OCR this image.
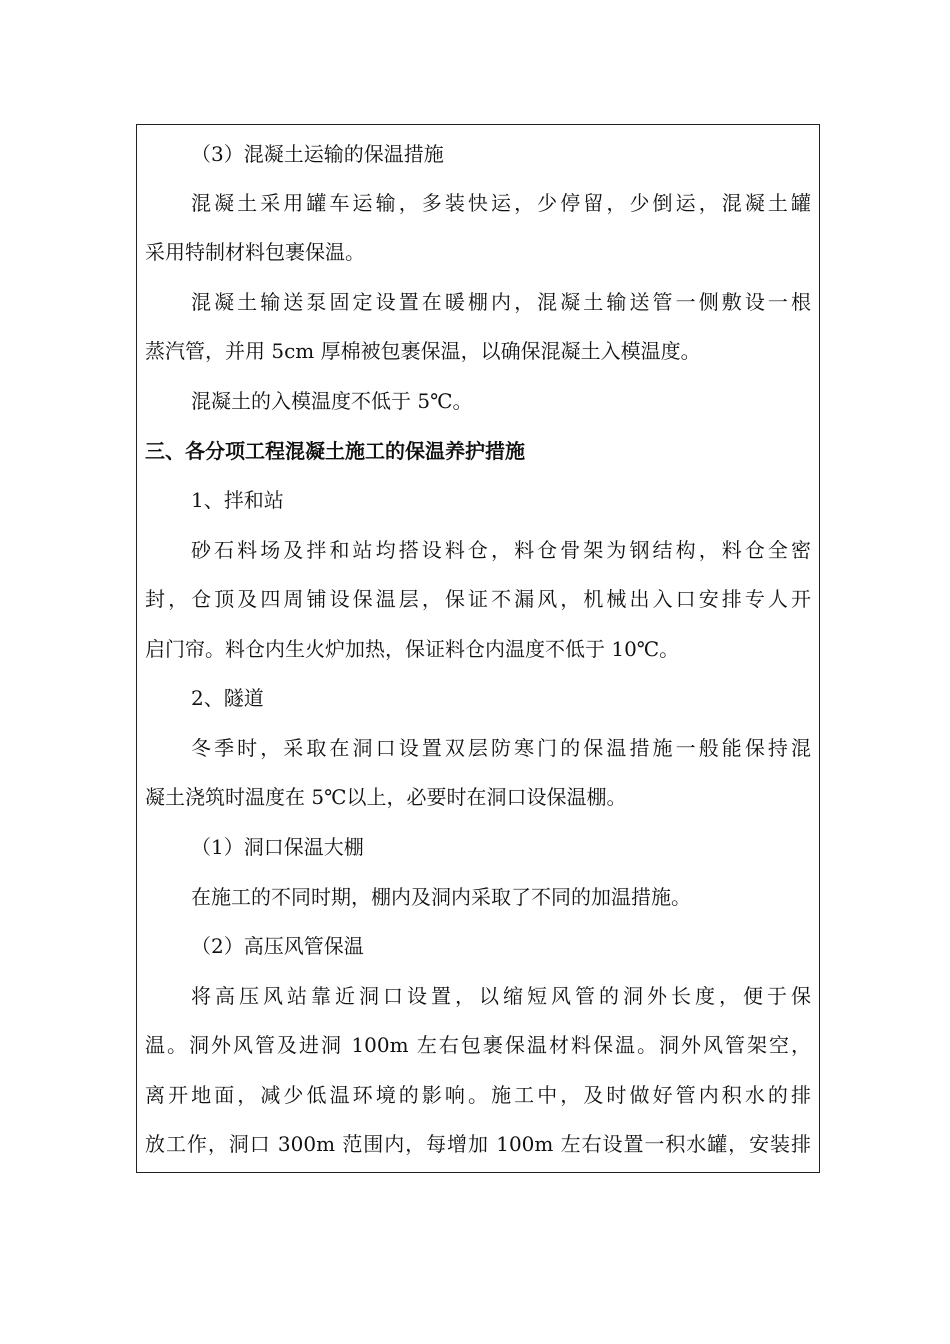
（3）混凝土运输的保温措施
混凝土采用罐车运输，多装快运，少停留，少倒运，混凝土罐
采用特制材料包裹保温。
混凝土输送泵固定设置在暖棚内，混凝土输送管一侧敷设一根
蒸汽管，并用 5cm 厚棉被包裹保温，以确保混凝土入模温度。
混凝土的入模温度不低于 5℃。
三、各分项工程混凝土施工的保温养护措施
1、拌和站
砂石料场及拌和站均搭设料仓，料仓骨架为钢结构，料仓全密
封，仓顶及四周铺设保温层，保证不漏风，机械出入口安排专人开
启门帘。料仓内生火炉加热，保证料仓内温度不低于 10℃。
2、隧道
冬季时，采取在洞口设置双层防寒门的保温措施一般能保持混
凝土浇筑时温度在 5℃以上，必要时在洞口设保温棚。
（1）洞口保温大棚
在施工的不同时期，棚内及洞内采取了不同的加温措施。
（2）高压风管保温
将高压风站靠近洞口设置，以缩短风管的洞外长度，便于保
温。洞外风管及进洞 100m 左右包裹保温材料保温。洞外风管架空，
离开地面，减少低温环境的影响。施工中，及时做好管内积水的排
放工作，洞口 300m 范围内，每增加 100m 左右设置一积水罐，安装排
